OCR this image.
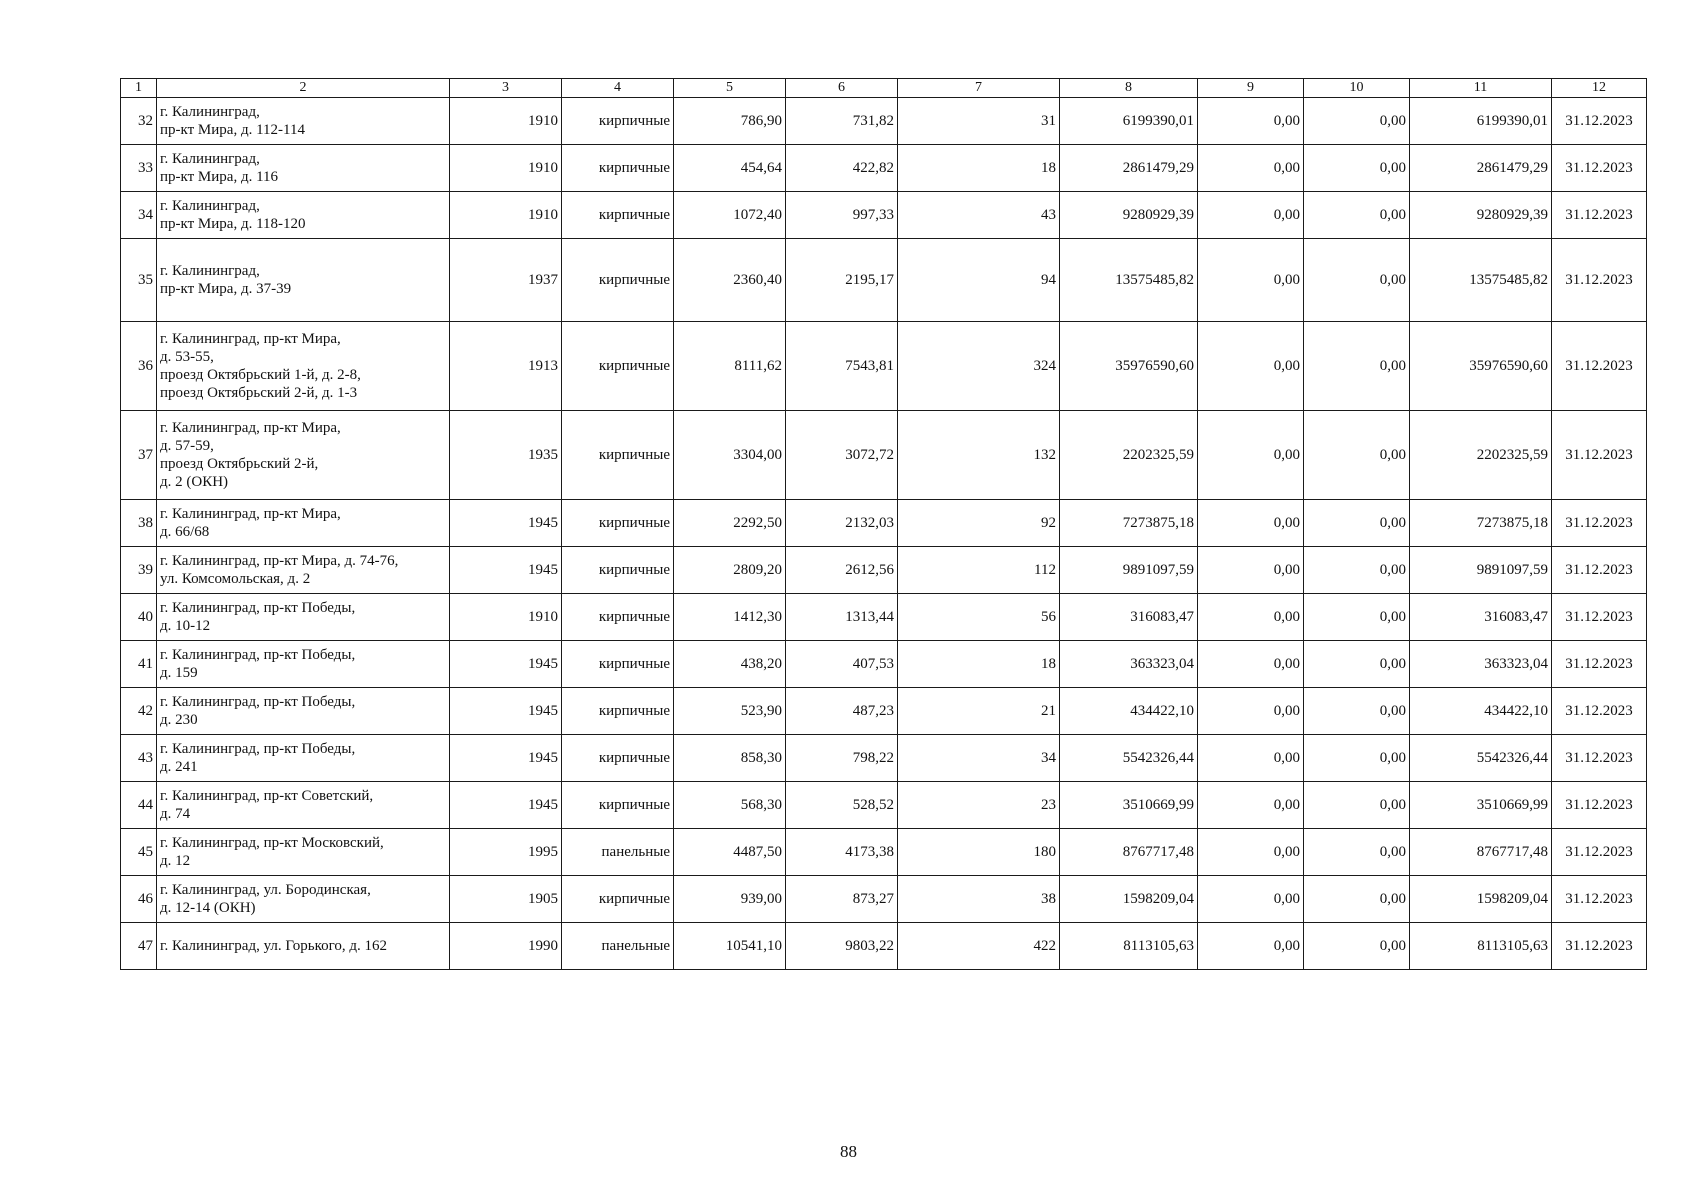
1	2	3	4	5	6	7	8	9	10	11	12
32	г. Калининград,
пр-кт Мира, д. 112-114	1910	кирпичные	786,90	731,82	31	6199390,01	0,00	0,00	6199390,01	31.12.2023
33	г. Калининград,
пр-кт Мира, д. 116	1910	кирпичные	454,64	422,82	18	2861479,29	0,00	0,00	2861479,29	31.12.2023
34	г. Калининград,
пр-кт Мира, д. 118-120	1910	кирпичные	1072,40	997,33	43	9280929,39	0,00	0,00	9280929,39	31.12.2023
35	г. Калининград,
пр-кт Мира, д. 37-39	1937	кирпичные	2360,40	2195,17	94	13575485,82	0,00	0,00	13575485,82	31.12.2023
36	г. Калининград, пр-кт Мира,
д. 53-55,
проезд Октябрьский 1-й, д. 2-8,
проезд Октябрьский 2-й, д. 1-3	1913	кирпичные	8111,62	7543,81	324	35976590,60	0,00	0,00	35976590,60	31.12.2023
37	г. Калининград, пр-кт Мира,
д. 57-59,
проезд Октябрьский 2-й,
д. 2 (ОКН)	1935	кирпичные	3304,00	3072,72	132	2202325,59	0,00	0,00	2202325,59	31.12.2023
38	г. Калининград, пр-кт Мира,
д. 66/68	1945	кирпичные	2292,50	2132,03	92	7273875,18	0,00	0,00	7273875,18	31.12.2023
39	г. Калининград, пр-кт Мира, д. 74-76,
ул. Комсомольская, д. 2	1945	кирпичные	2809,20	2612,56	112	9891097,59	0,00	0,00	9891097,59	31.12.2023
40	г. Калининград, пр-кт Победы,
д. 10-12	1910	кирпичные	1412,30	1313,44	56	316083,47	0,00	0,00	316083,47	31.12.2023
41	г. Калининград, пр-кт Победы,
д. 159	1945	кирпичные	438,20	407,53	18	363323,04	0,00	0,00	363323,04	31.12.2023
42	г. Калининград, пр-кт Победы,
д. 230	1945	кирпичные	523,90	487,23	21	434422,10	0,00	0,00	434422,10	31.12.2023
43	г. Калининград, пр-кт Победы,
д. 241	1945	кирпичные	858,30	798,22	34	5542326,44	0,00	0,00	5542326,44	31.12.2023
44	г. Калининград, пр-кт Советский,
д. 74	1945	кирпичные	568,30	528,52	23	3510669,99	0,00	0,00	3510669,99	31.12.2023
45	г. Калининград, пр-кт Московский,
д. 12	1995	панельные	4487,50	4173,38	180	8767717,48	0,00	0,00	8767717,48	31.12.2023
46	г. Калининград, ул. Бородинская,
д. 12-14 (ОКН)	1905	кирпичные	939,00	873,27	38	1598209,04	0,00	0,00	1598209,04	31.12.2023
47	г. Калининград, ул. Горького, д. 162	1990	панельные	10541,10	9803,22	422	8113105,63	0,00	0,00	8113105,63	31.12.2023
88
